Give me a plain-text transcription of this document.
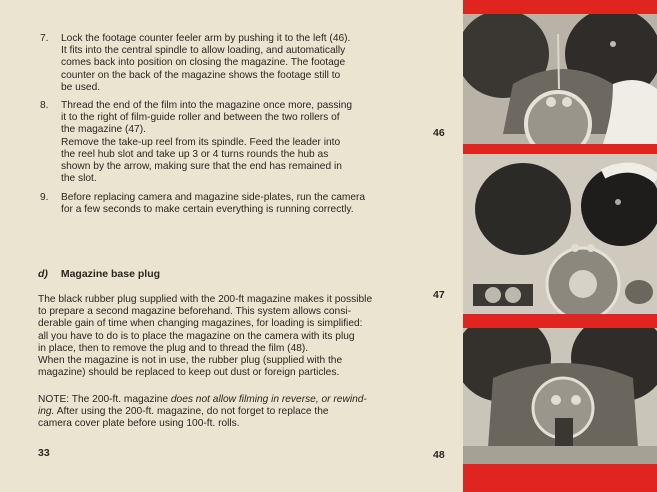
7. Lock the footage counter feeler arm by pushing it to the left (46).

It fits into the central spindle to allow loading, and automatically

comes back into position on closing the magazine. The footage

counter on the back of the magazine shows the footage still to

be used.

8. Thread the end of the film into the magazine once more, passing

it to the right of film-guide roller and between the two rollers of

the magazine (47).

Remove the take-up reel from its spindle. Feed the leader into

the reel hub slot and take up 3 or 4 turns rounds the hub as

shown by the arrow, making sure that the end has remained in

the slot.

9. Before replacing camera and magazine side-plates, run the camera

for a few seconds to make certain everything is running correctly.

d) Magazine base plug

The black rubber plug supplied with the 200-ft magazine makes it possible

to prepare a second magazine beforehand. This system allows consi-

derable gain of time when changing magazines, for loading is simplified:

all you have to do is to place the magazine on the camera with its plug

in place, then to remove the plug and to thread the film (48).

When the magazine is not in use, the rubber plug (supplied with the

magazine) should be replaced to keep out dust or foreign particles.

NOTE: The 200-ft. magazine does not allow filming in reverse, or rewind-

ing. After using the 200-ft. magazine, do not forget to replace the

camera cover plate before using 100-ft. rolls.

33
46
47
48
